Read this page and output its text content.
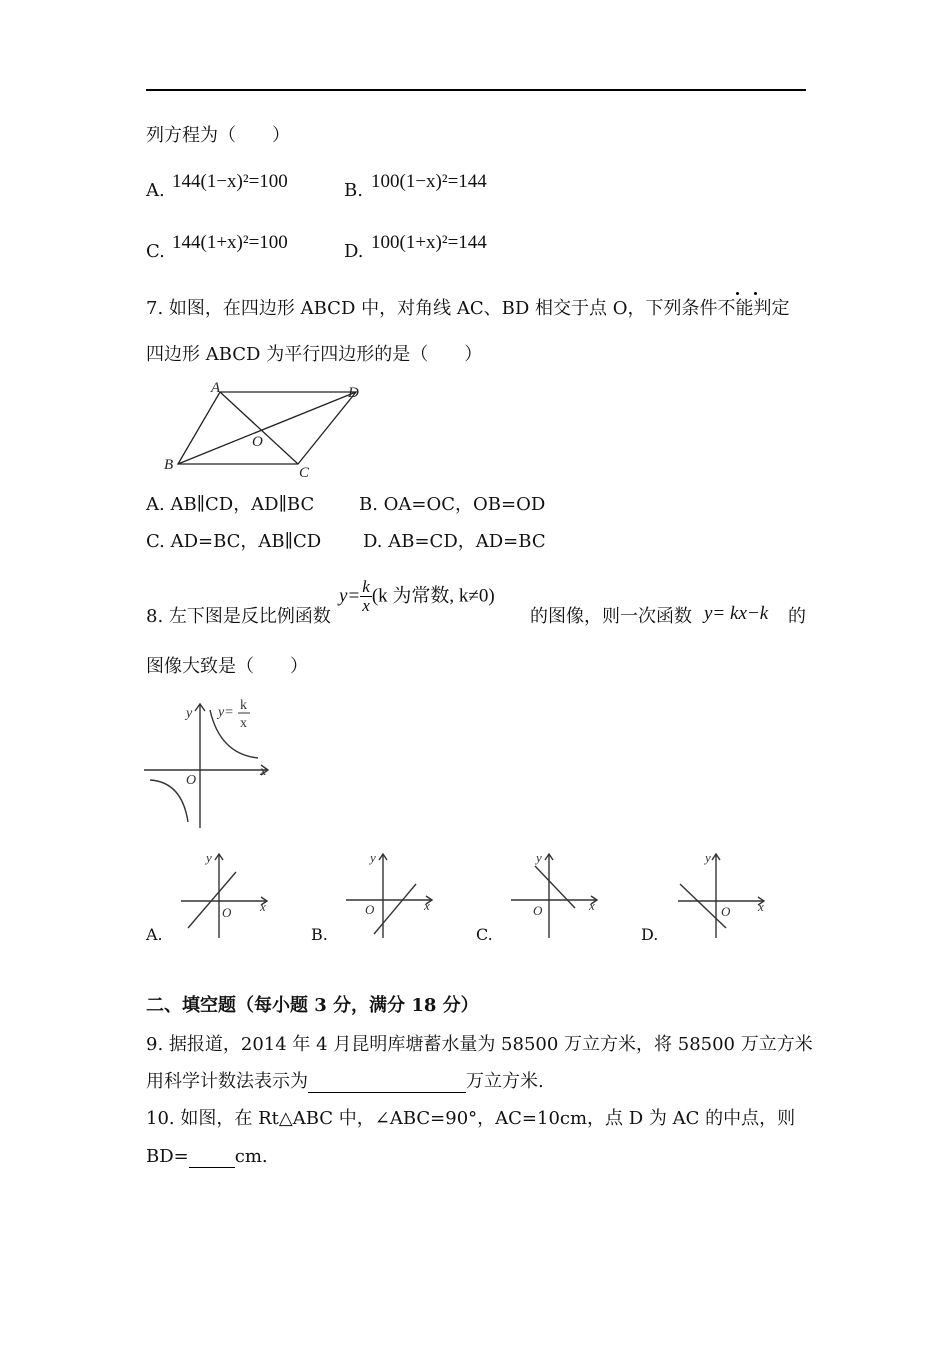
列方程为（　　）
A. 144(1−x)²=100	B. 100(1−x)²=144
C. 144(1+x)²=100	D. 100(1+x)²=144
7. 如图，在四边形 ABCD 中，对角线 AC、BD 相交于点 O，下列条件不能判定
四边形 ABCD 为平行四边形的是（　　）
A	D
O
B	C
A. AB∥CD，AD∥BC B. OA=OC，OB=OD
C. AD=BC，AB∥CD D. AB=CD，AD=BC
8. 左下图是反比例函数
$y= \frac{k}{x} (k$ 为常数, k≠0)
的图像，则一次函数 y= kx−k 的
图像大致是（　　）
y
x
O
y= k
x
y
x
O
A.
y
x
O
B.
y
x
O
C.
y
x
O
D.
二、填空题（每小题 3 分，满分 18 分）
9. 据报道，2014 年 4 月昆明库塘蓄水量为 58500 万立方米，将 58500 万立方米
用科学计数法表示为	万立方米.
10. 如图，在 Rt△ABC 中，∠ABC=90°，AC=10cm，点 D 为 AC 的中点，则
BD=	cm.
